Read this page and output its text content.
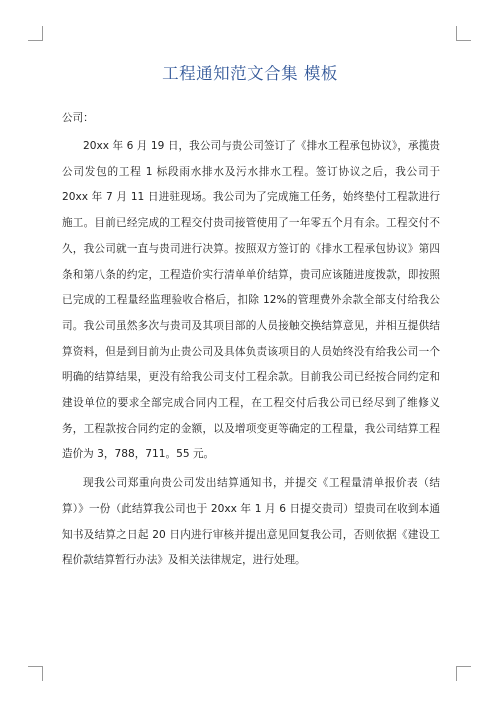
工程通知范文合集 模板

公司：

20xx 年 6 月 19 日，我公司与贵公司签订了《排水工程承包协议》，承揽贵公司发包的工程 1 标段雨水排水及污水排水工程。签订协议之后，我公司于 20xx 年 7 月 11 日进驻现场。我公司为了完成施工任务，始终垫付工程款进行施工。目前已经完成的工程交付贵司接管使用了一年零五个月有余。工程交付不久，我公司就一直与贵司进行决算。按照双方签订的《排水工程承包协议》第四条和第八条的约定，工程造价实行清单单价结算，贵司应该随进度拨款，即按照已完成的工程量经监理验收合格后，扣除 12%的管理费外余款全部支付给我公司。我公司虽然多次与贵司及其项目部的人员接触交换结算意见，并相互提供结算资料，但是到目前为止贵公司及具体负责该项目的人员始终没有给我公司一个明确的结算结果，更没有给我公司支付工程余款。目前我公司已经按合同约定和建设单位的要求全部完成合同内工程，在工程交付后我公司已经尽到了维修义务，工程款按合同约定的金额，以及增项变更等确定的工程量，我公司结算工程造价为 3，788，711。55 元。

现我公司郑重向贵公司发出结算通知书，并提交《工程量清单报价表（结算）》一份（此结算我公司也于 20xx 年 1 月 6 日提交贵司）望贵司在收到本通知书及结算之日起 20 日内进行审核并提出意见回复我公司，否则依据《建设工程价款结算暂行办法》及相关法律规定，进行处理。
